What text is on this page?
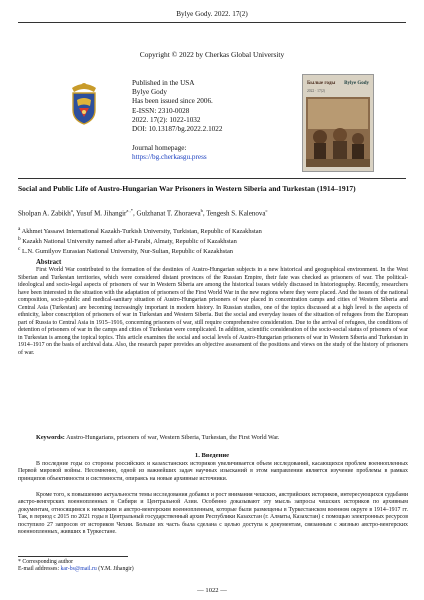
Bylye Gody. 2022. 17(2)
Copyright © 2022 by Cherkas Global University
Published in the USA
Bylye Gody
Has been issued since 2006.
E-ISSN: 2310-0028
2022. 17(2): 1022-1032
DOI: 10.13187/bg.2022.2.1022
Journal homepage:
https://bg.cherkasgu.press
Былые годы Bylye Gody
2022 · 17(2)
Social and Public Life of Austro-Hungarian War Prisoners in Western Siberia and Turkestan (1914–1917)
Sholpan A. Zabikh$^a$, Yusuf M. Jihangir$^{a ,*}$, Gulzhanat T. Zhoraeva$^b$, Tengesh S. Kalenova$^c$
$^a$ Akhmet Yassawi International Kazakh-Turkish University, Turkistan, Republic of Kazakhstan
$^b$ Kazakh National University named after al-Farabi, Almaty, Republic of Kazakhstan
$^c$ L.N. Gumilyov Eurasian National University, Nur-Sultan, Republic of Kazakhstan
Abstract

First World War contributed to the formation of the destinies of Austro-Hungarian subjects in a new historical and geographical environment. In the West Siberian and Turkestan territories, which were considered distant provinces of the Russian Empire, their fate was checked as prisoners of war. The political-ideological and socio-legal aspects of prisoners of war in Western Siberia are among the historical issues widely discussed in historiography. Recently, researchers have been interested in the situation with the adaptation of prisoners of the First World War in the new regions where they were placed. And the issues of the national composition, socio-public and medical-sanitary situation of Austro-Hungarian prisoners of war placed in concentration camps and cities of Western Siberia and Central Asia (Turkestan) are becoming increasingly important in modern history. In Russian studies, one of the topics discussed at a high level is the aspects of ethnicity, labor conscription of prisoners of war in Turkestan and Western Siberia. But the social and everyday issues of the situation of refugees from the European part of Russia to Central Asia in 1915–1916, concerning prisoners of war, still require comprehensive consideration. Due to the arrival of refugees, the conditions of detention of prisoners of war in the camps and cities of Turkestan were complicated. In addition, scientific consideration of the socio-social status of prisoners of war in Turkestan is among the topical topics. This article examines the social and social levels of Austro-Hungarian prisoners of war in Western Siberia and Turkestan in 1914–1917 on the basis of archival data. Also, the research paper provides an objective assessment of the positions and views on the study of the history of prisoners of war.

Keywords: Austro-Hungarians, prisoners of war, Western Siberia, Turkestan, the First World War.

1. Введение

В последние годы со стороны российских и казахстанских историков увеличивается объем исследований, касающихся проблем военнопленных Первой мировой войны. Несомненно, одной из важнейших задач научных изысканий в этом направлении является изучение проблемы в рамках принципов объективности и системности, опираясь на новые архивные источники.

Кроме того, к повышению актуальности темы исследования добавил и рост внимания чешских, австрийских историков, интересующихся судьбами австро-венгерских военнопленных в Сибири и Центральной Азии. Особенно доказывают эту мысль запросы чешских историков по архивным документам, относящимся к немецким и австро-венгерским военнопленным, которые были размещены в Туркестанском военном округе в 1914–1917 гг. Так, в период с 2015 по 2021 годы в Центральный государственный архив Республики Казахстан (г. Алматы, Казахстан) с помощью электронных ресурсов поступило 27 запросов от историков Чехии. Больше их часть была сделана с целью доступа к документам, связанным с жизнью австро-венгерских военнопленных, живших в Туркестане.

* Corresponding author
E-mail addresses: kar-bs@mail.ru (Y.M. Jihangir)
— 1022 —
